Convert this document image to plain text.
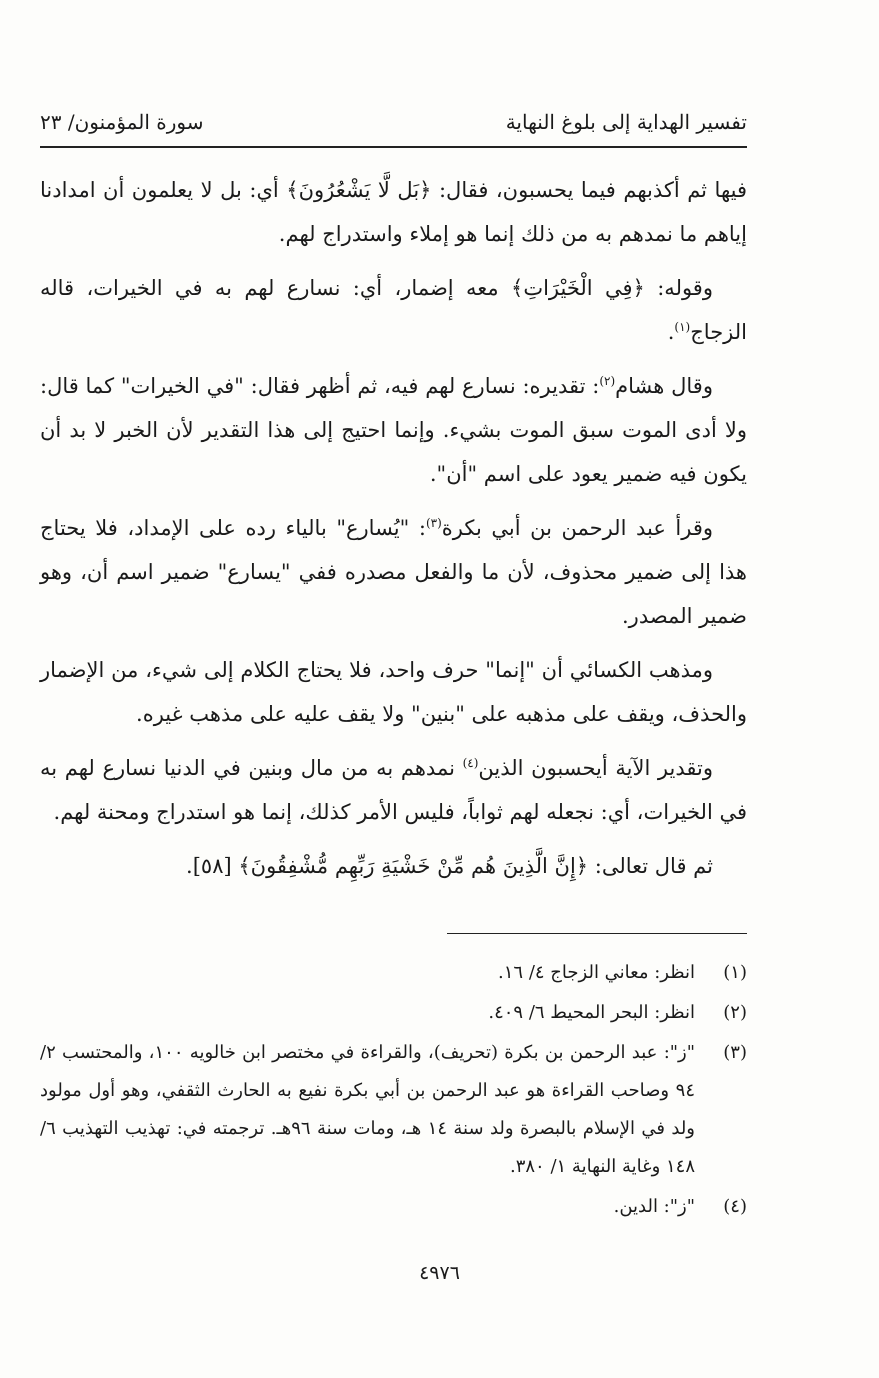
تفسير الهداية إلى بلوغ النهاية
سورة المؤمنون/ ٢٣

فيها ثم أكذبهم فيما يحسبون، فقال: ﴿بَل لَّا يَشْعُرُونَ﴾ أي: بل لا يعلمون أن امدادنا إياهم ما نمدهم به من ذلك إنما هو إملاء واستدراج لهم.

وقوله: ﴿فِي الْخَيْرَاتِ﴾ معه إضمار، أي: نسارع لهم به في الخيرات، قاله الزجاج$^{(١)}$.

وقال هشام$^{(٢)}$: تقديره: نسارع لهم فيه، ثم أظهر فقال: "في الخيرات" كما قال: ولا أدى الموت سبق الموت بشيء. وإنما احتيج إلى هذا التقدير لأن الخبر لا بد أن يكون فيه ضمير يعود على اسم "أن".

وقرأ عبد الرحمن بن أبي بكرة$^{(٣)}$: "يُسارع" بالياء رده على الإمداد، فلا يحتاج هذا إلى ضمير محذوف، لأن ما والفعل مصدره ففي "يسارع" ضمير اسم أن، وهو ضمير المصدر.

ومذهب الكسائي أن "إنما" حرف واحد، فلا يحتاج الكلام إلى شيء، من الإضمار والحذف، ويقف على مذهبه على "بنين" ولا يقف عليه على مذهب غيره.

وتقدير الآية أيحسبون الذين$^{(٤)}$ نمدهم به من مال وبنين في الدنيا نسارع لهم به في الخيرات، أي: نجعله لهم ثواباً، فليس الأمر كذلك، إنما هو استدراج ومحنة لهم.

ثم قال تعالى: ﴿إِنَّ الَّذِينَ هُم مِّنْ خَشْيَةِ رَبِّهِم مُّشْفِقُونَ﴾ [٥٨].

(١)
انظر: معاني الزجاج ٤/ ١٦.
(٢)
انظر: البحر المحيط ٦/ ٤٠٩.
(٣)
"ز": عبد الرحمن بن بكرة (تحريف)، والقراءة في مختصر ابن خالويه ١٠٠، والمحتسب ٢/ ٩٤ وصاحب القراءة هو عبد الرحمن بن أبي بكرة نفيع به الحارث الثقفي، وهو أول مولود ولد في الإسلام بالبصرة ولد سنة ١٤ هـ، ومات سنة ٩٦هـ. ترجمته في: تهذيب التهذيب ٦/ ١٤٨ وغاية النهاية ١/ ٣٨٠.
(٤)
"ز": الدين.
٤٩٧٦
